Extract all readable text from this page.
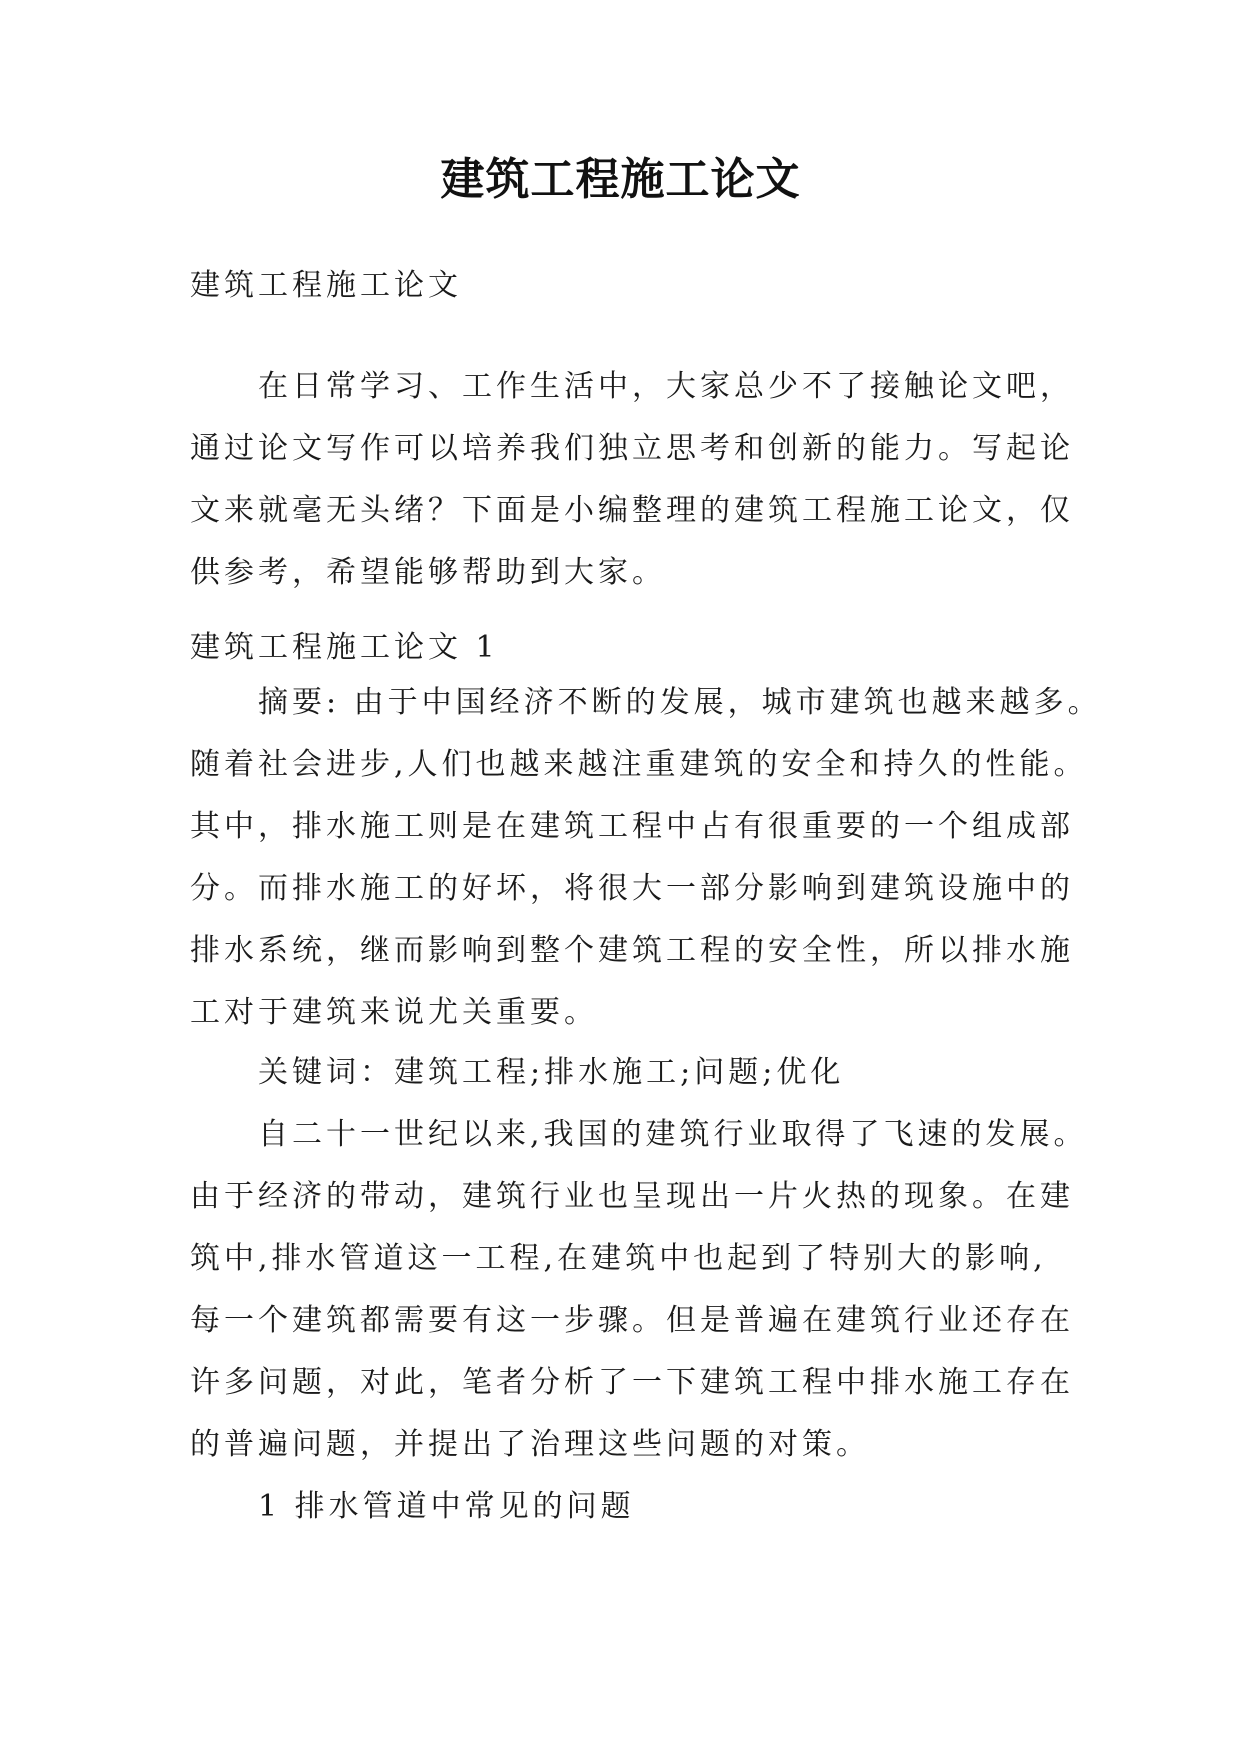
建筑工程施工论文
建筑工程施工论文
在日常学习、工作生活中，大家总少不了接触论文吧，
通过论文写作可以培养我们独立思考和创新的能力。写起论
文来就毫无头绪？下面是小编整理的建筑工程施工论文，仅
供参考，希望能够帮助到大家。
建筑工程施工论文 1
摘要: 由于中国经济不断的发展，城市建筑也越来越多。
随着社会进步,人们也越来越注重建筑的安全和持久的性能。
其中，排水施工则是在建筑工程中占有很重要的一个组成部
分。而排水施工的好坏，将很大一部分影响到建筑设施中的
排水系统，继而影响到整个建筑工程的安全性，所以排水施
工对于建筑来说尤关重要。
关键词：建筑工程;排水施工;问题;优化
自二十一世纪以来,我国的建筑行业取得了飞速的发展。
由于经济的带动，建筑行业也呈现出一片火热的现象。在建
筑中,排水管道这一工程,在建筑中也起到了特别大的影响,
每一个建筑都需要有这一步骤。但是普遍在建筑行业还存在
许多问题，对此，笔者分析了一下建筑工程中排水施工存在
的普遍问题，并提出了治理这些问题的对策。
1 排水管道中常见的问题
